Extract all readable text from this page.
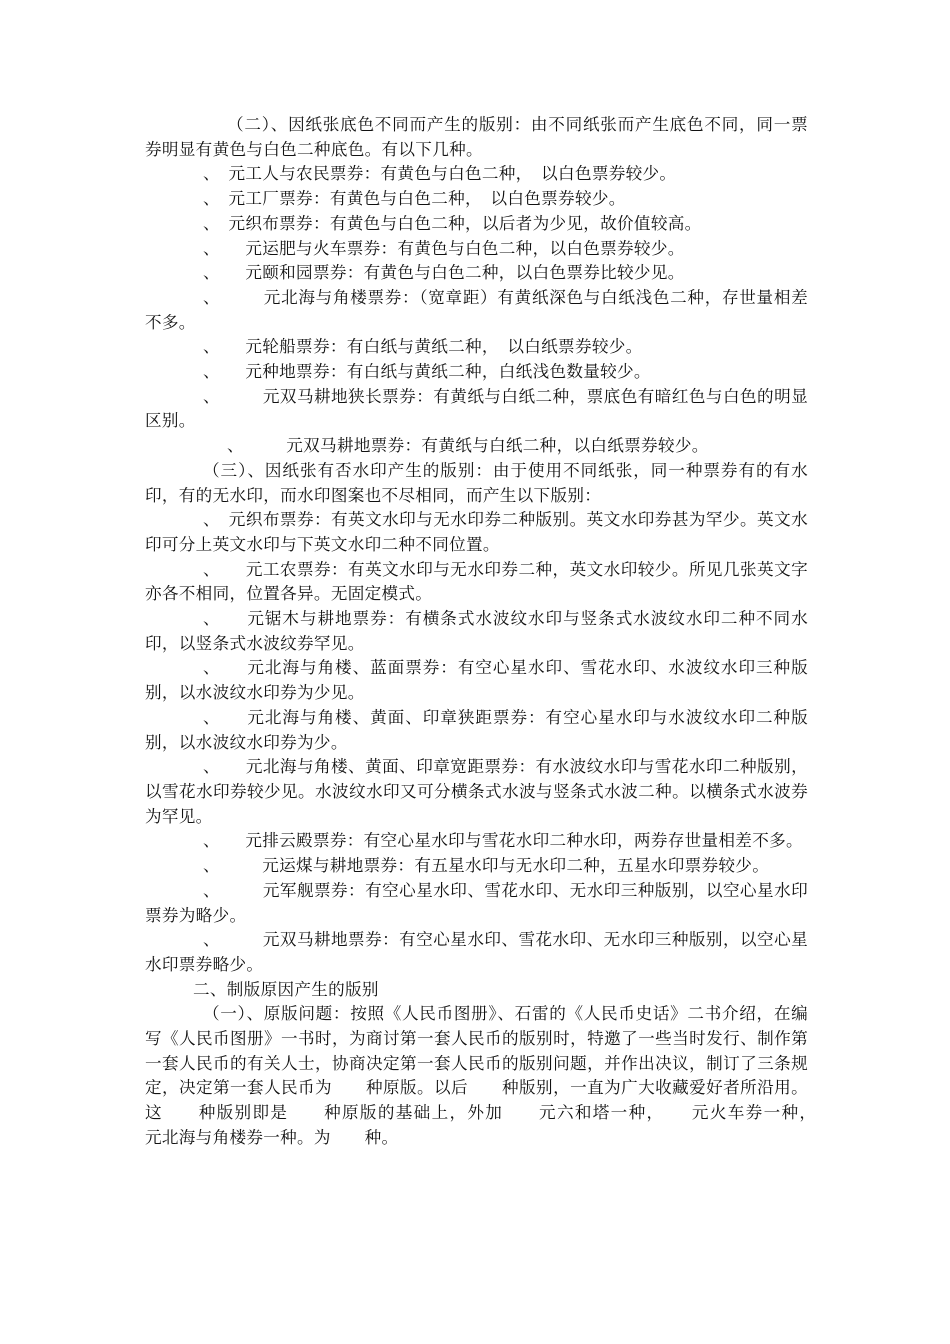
（二）、因纸张底色不同而产生的版别：由不同纸张而产生底色不同，同一票券明显有黄色与白色二种底色。有以下几种。

、　元工人与农民票券：有黄色与白色二种，　以白色票券较少。

、　元工厂票券：有黄色与白色二种，　以白色票券较少。

、　元织布票券：有黄色与白色二种，以后者为少见，故价值较高。

、　　元运肥与火车票券：有黄色与白色二种，以白色票券较少。

、　　元颐和园票券：有黄色与白色二种，以白色票券比较少见。

、　　　元北海与角楼票券：（宽章距）有黄纸深色与白纸浅色二种，存世量相差不多。

、　　元轮船票券：有白纸与黄纸二种，　以白纸票券较少。

、　　元种地票券：有白纸与黄纸二种，白纸浅色数量较少。

、　　　元双马耕地狭长票券：有黄纸与白纸二种，票底色有暗红色与白色的明显区别。

、　　　元双马耕地票券：有黄纸与白纸二种，以白纸票券较少。

（三）、因纸张有否水印产生的版别：由于使用不同纸张，同一种票券有的有水印，有的无水印，而水印图案也不尽相同，而产生以下版别：

、　元织布票券：有英文水印与无水印券二种版别。英文水印券甚为罕少。英文水印可分上英文水印与下英文水印二种不同位置。

、　　元工农票券：有英文水印与无水印券二种，英文水印较少。所见几张英文字亦各不相同，位置各异。无固定模式。

、　　元锯木与耕地票券：有横条式水波纹水印与竖条式水波纹水印二种不同水印，以竖条式水波纹券罕见。

、　　元北海与角楼、蓝面票券：有空心星水印、雪花水印、水波纹水印三种版别，以水波纹水印券为少见。

、　　元北海与角楼、黄面、印章狭距票券：有空心星水印与水波纹水印二种版别，以水波纹水印券为少。

、　　元北海与角楼、黄面、印章宽距票券：有水波纹水印与雪花水印二种版别，以雪花水印券较少见。水波纹水印又可分横条式水波与竖条式水波二种。以横条式水波券为罕见。

、　　元排云殿票券：有空心星水印与雪花水印二种水印，两券存世量相差不多。

、　　　元运煤与耕地票券：有五星水印与无水印二种，五星水印票券较少。

、　　　元军舰票券：有空心星水印、雪花水印、无水印三种版别，以空心星水印票券为略少。

、　　　元双马耕地票券：有空心星水印、雪花水印、无水印三种版别，以空心星水印票券略少。

二、制版原因产生的版别

（一）、原版问题：按照《人民币图册》、石雷的《人民币史话》二书介绍，在编写《人民币图册》一书时，为商讨第一套人民币的版别时，特邀了一些当时发行、制作第一套人民币的有关人士，协商决定第一套人民币的版别问题，并作出决议，制订了三条规定，决定第一套人民币为　　种原版。以后　　种版别，一直为广大收藏爱好者所沿用。这　　种版别即是　　种原版的基础上，外加　　元六和塔一种，　　元火车券一种，　　　元北海与角楼券一种。为　　种。
